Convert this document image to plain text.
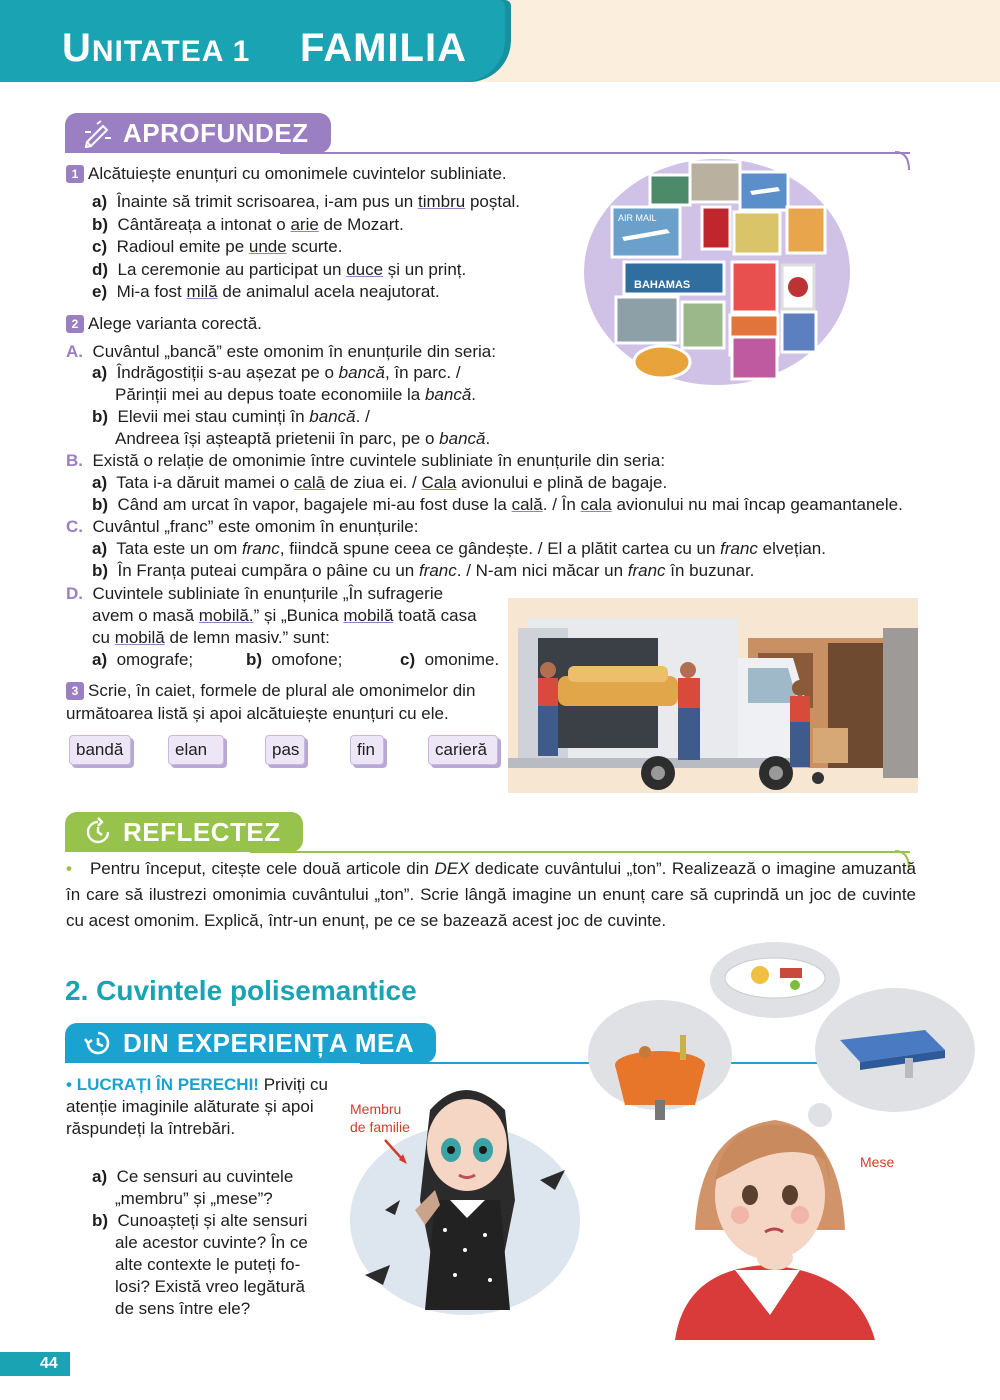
UNITATEA 1 FAMILIA
APROFUNDEZ
1 Alcătuiește enunțuri cu omonimele cuvintelor subliniate.
a) Înainte să trimit scrisoarea, i-am pus un timbru poștal.
b) Cântăreața a intonat o arie de Mozart.
c) Radioul emite pe unde scurte.
d) La ceremonie au participat un duce și un prinț.
e) Mi-a fost milă de animalul acela neajutorat.
AIR MAIL
BAHAMAS
2 Alege varianta corectă.
A. Cuvântul „bancă” este omonim în enunțurile din seria:
a) Îndrăgostiții s-au așezat pe o bancă, în parc. /
Părinții mei au depus toate economiile la bancă.
b) Elevii mei stau cuminți în bancă. /
Andreea își așteaptă prietenii în parc, pe o bancă.
B. Există o relație de omonimie între cuvintele subliniate în enunțurile din seria:
a) Tata i-a dăruit mamei o calā de ziua ei. / Cala avionului e plină de bagaje.
b) Când am urcat în vapor, bagajele mi-au fost duse la cală. / În cala avionului nu mai încap geamantanele.
C. Cuvântul „franc” este omonim în enunțurile:
a) Tata este un om franc, fiindcă spune ceea ce gândește. / El a plătit cartea cu un franc elvețian.
b) În Franța puteai cumpăra o pâine cu un franc. / N-am nici măcar un franc în buzunar.
D. Cuvintele subliniate în enunțurile „În sufragerie
avem o masă mobilă.” și „Bunica mobilă toată casa
cu mobilă de lemn masiv.” sunt:
a) omografe;	b) omofone;	c) omonime.
3 Scrie, în caiet, formele de plural ale omonimelor din
următoarea listă și apoi alcătuiește enunțuri cu ele.
bandă	elan	pas	fin	carieră
REFLECTEZ
• Pentru început, citește cele două articole din DEX dedicate cuvântului „ton”. Realizează o imagine amuzantă în care să ilustrezi omonimia cuvântului „ton”. Scrie lângă imagine un enunț care să cuprindă un joc de cuvinte cu acest omonim. Explică, într-un enunț, pe ce se bazează acest joc de cuvinte.
2. Cuvintele polisemantice
DIN EXPERIENȚA MEA
• LUCRAȚI ÎN PERECHI! Priviți cu
atenție imaginile alăturate și apoi
răspundeți la întrebări.
a) Ce sensuri au cuvintele
„membru” și „mese”?
b) Cunoașteți și alte sensuri
ale acestor cuvinte? În ce
alte contexte le puteți fo-
losi? Există vreo legătură
de sens între ele?
Membru
de familie
Mese
44
